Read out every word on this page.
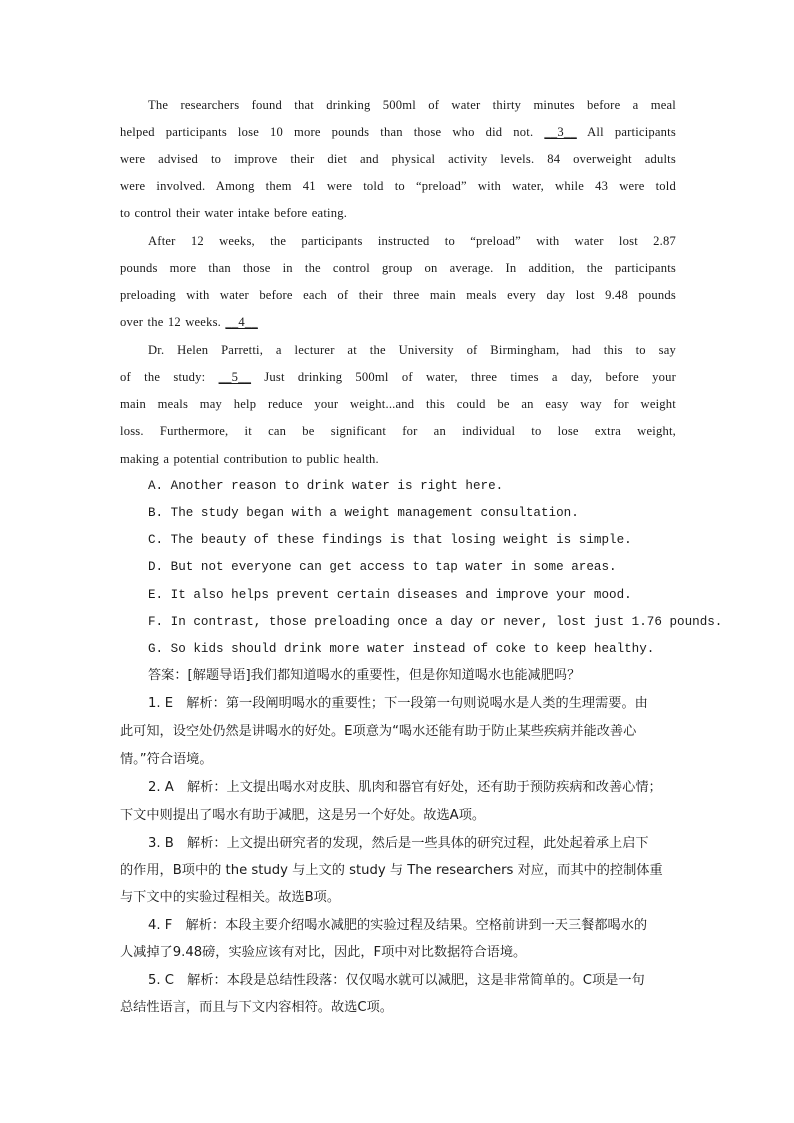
The researchers found that drinking 500ml of water thirty minutes before a meal
helped participants lose 10 more pounds than those who did not. __3__ All participants
were advised to improve their diet and physical activity levels. 84 overweight adults
were involved. Among them 41 were told to “preload” with water, while 43 were told
to control their water intake before eating.
After 12 weeks, the participants instructed to “preload” with water lost 2.87
pounds more than those in the control group on average. In addition, the participants
preloading with water before each of their three main meals every day lost 9.48 pounds
over the 12 weeks. __4__
Dr. Helen Parretti, a lecturer at the University of Birmingham, had this to say
of the study: __5__ Just drinking 500ml of water, three times a day, before your
main meals may help reduce your weight...and this could be an easy way for weight
loss. Furthermore, it can be significant for an individual to lose extra weight,
making a potential contribution to public health.
A. Another reason to drink water is right here.
B. The study began with a weight management consultation.
C. The beauty of these findings is that losing weight is simple.
D. But not everyone can get access to tap water in some areas.
E. It also helps prevent certain diseases and improve your mood.
F. In contrast, those preloading once a day or never, lost just 1.76 pounds.
G. So kids should drink more water instead of coke to keep healthy.
答案：[解题导语]我们都知道喝水的重要性，但是你知道喝水也能减肥吗？
1. E　解析：第一段阐明喝水的重要性；下一段第一句则说喝水是人类的生理需要。由
此可知，设空处仍然是讲喝水的好处。E项意为“喝水还能有助于防止某些疾病并能改善心
情。”符合语境。
2. A　解析：上文提出喝水对皮肤、肌肉和器官有好处，还有助于预防疾病和改善心情；
下文中则提出了喝水有助于减肥，这是另一个好处。故选A项。
3. B　解析：上文提出研究者的发现，然后是一些具体的研究过程，此处起着承上启下
的作用，B项中的 the study 与上文的 study 与 The researchers 对应，而其中的控制体重
与下文中的实验过程相关。故选B项。
4. F　解析：本段主要介绍喝水减肥的实验过程及结果。空格前讲到一天三餐都喝水的
人减掉了9.48磅，实验应该有对比，因此，F项中对比数据符合语境。
5. C　解析：本段是总结性段落：仅仅喝水就可以减肥，这是非常简单的。C项是一句
总结性语言，而且与下文内容相符。故选C项。
